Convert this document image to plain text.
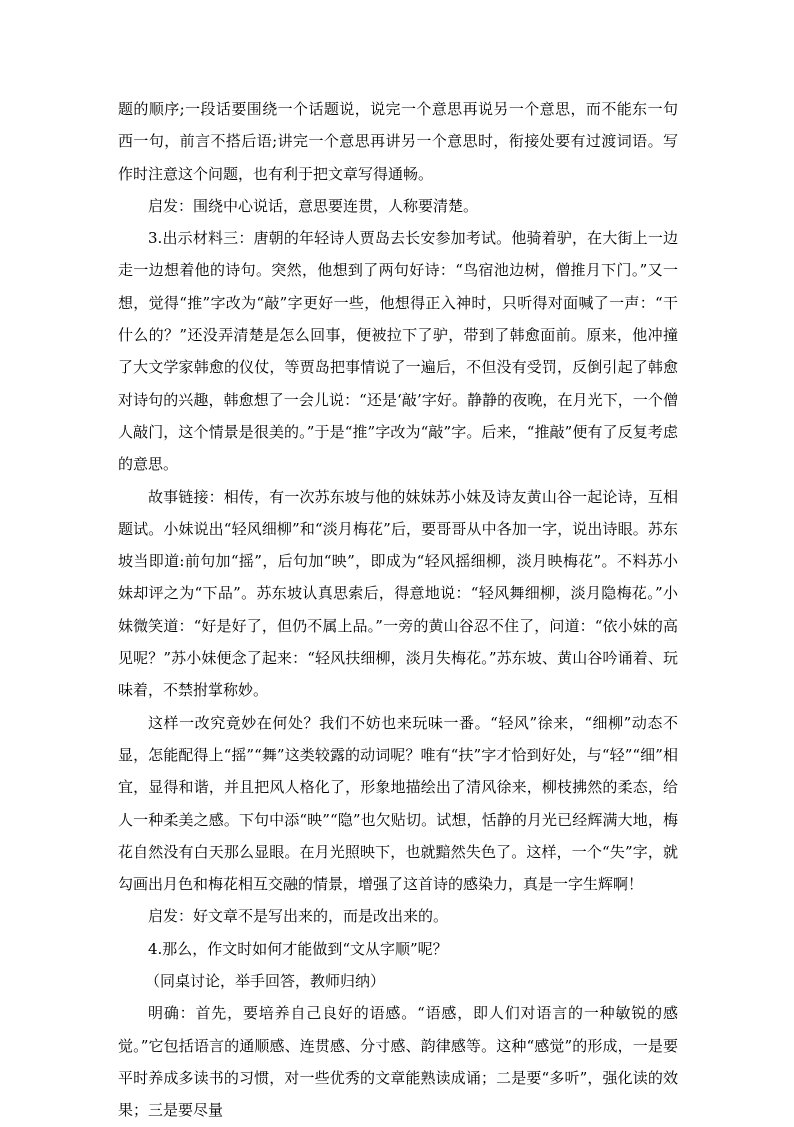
题的顺序;一段话要围绕一个话题说，说完一个意思再说另一个意思，而不能东一句西一句，前言不搭后语;讲完一个意思再讲另一个意思时，衔接处要有过渡词语。写作时注意这个问题，也有利于把文章写得通畅。

启发：围绕中心说话，意思要连贯，人称要清楚。

3.出示材料三：唐朝的年轻诗人贾岛去长安参加考试。他骑着驴，在大街上一边走一边想着他的诗句。突然，他想到了两句好诗：“鸟宿池边树，僧推月下门。”又一想，觉得“推”字改为“敲”字更好一些，他想得正入神时，只听得对面喊了一声：“干什么的？”还没弄清楚是怎么回事，便被拉下了驴，带到了韩愈面前。原来，他冲撞了大文学家韩愈的仪仗，等贾岛把事情说了一遍后，不但没有受罚，反倒引起了韩愈对诗句的兴趣，韩愈想了一会儿说：“还是‘敲’字好。静静的夜晚，在月光下，一个僧人敲门，这个情景是很美的。”于是“推”字改为“敲”字。后来，“推敲”便有了反复考虑的意思。

故事链接：相传，有一次苏东坡与他的妹妹苏小妹及诗友黄山谷一起论诗，互相题试。小妹说出“轻风细柳”和“淡月梅花”后，要哥哥从中各加一字，说出诗眼。苏东坡当即道:前句加“摇”，后句加“映”，即成为“轻风摇细柳，淡月映梅花”。不料苏小妹却评之为“下品”。苏东坡认真思索后，得意地说：“轻风舞细柳，淡月隐梅花。”小妹微笑道：“好是好了，但仍不属上品。”一旁的黄山谷忍不住了，问道：“依小妹的高见呢？”苏小妹便念了起来：“轻风扶细柳，淡月失梅花。”苏东坡、黄山谷吟诵着、玩味着，不禁拊掌称妙。

这样一改究竟妙在何处？我们不妨也来玩味一番。“轻风”徐来，“细柳”动态不显，怎能配得上“摇”“舞”这类较露的动词呢？唯有“扶”字才恰到好处，与“轻”“细”相宜，显得和谐，并且把风人格化了，形象地描绘出了清风徐来，柳枝拂然的柔态，给人一种柔美之感。下句中添“映”“隐”也欠贴切。试想，恬静的月光已经辉满大地，梅花自然没有白天那么显眼。在月光照映下，也就黯然失色了。这样，一个“失”字，就勾画出月色和梅花相互交融的情景，增强了这首诗的感染力，真是一字生辉啊！

启发：好文章不是写出来的，而是改出来的。

4.那么，作文时如何才能做到“文从字顺”呢？

（同桌讨论，举手回答，教师归纳）

明确：首先，要培养自己良好的语感。“语感，即人们对语言的一种敏锐的感觉。”它包括语言的通顺感、连贯感、分寸感、韵律感等。这种“感觉”的形成，一是要平时养成多读书的习惯，对一些优秀的文章能熟读成诵；二是要“多听”，强化读的效果；三是要尽量
